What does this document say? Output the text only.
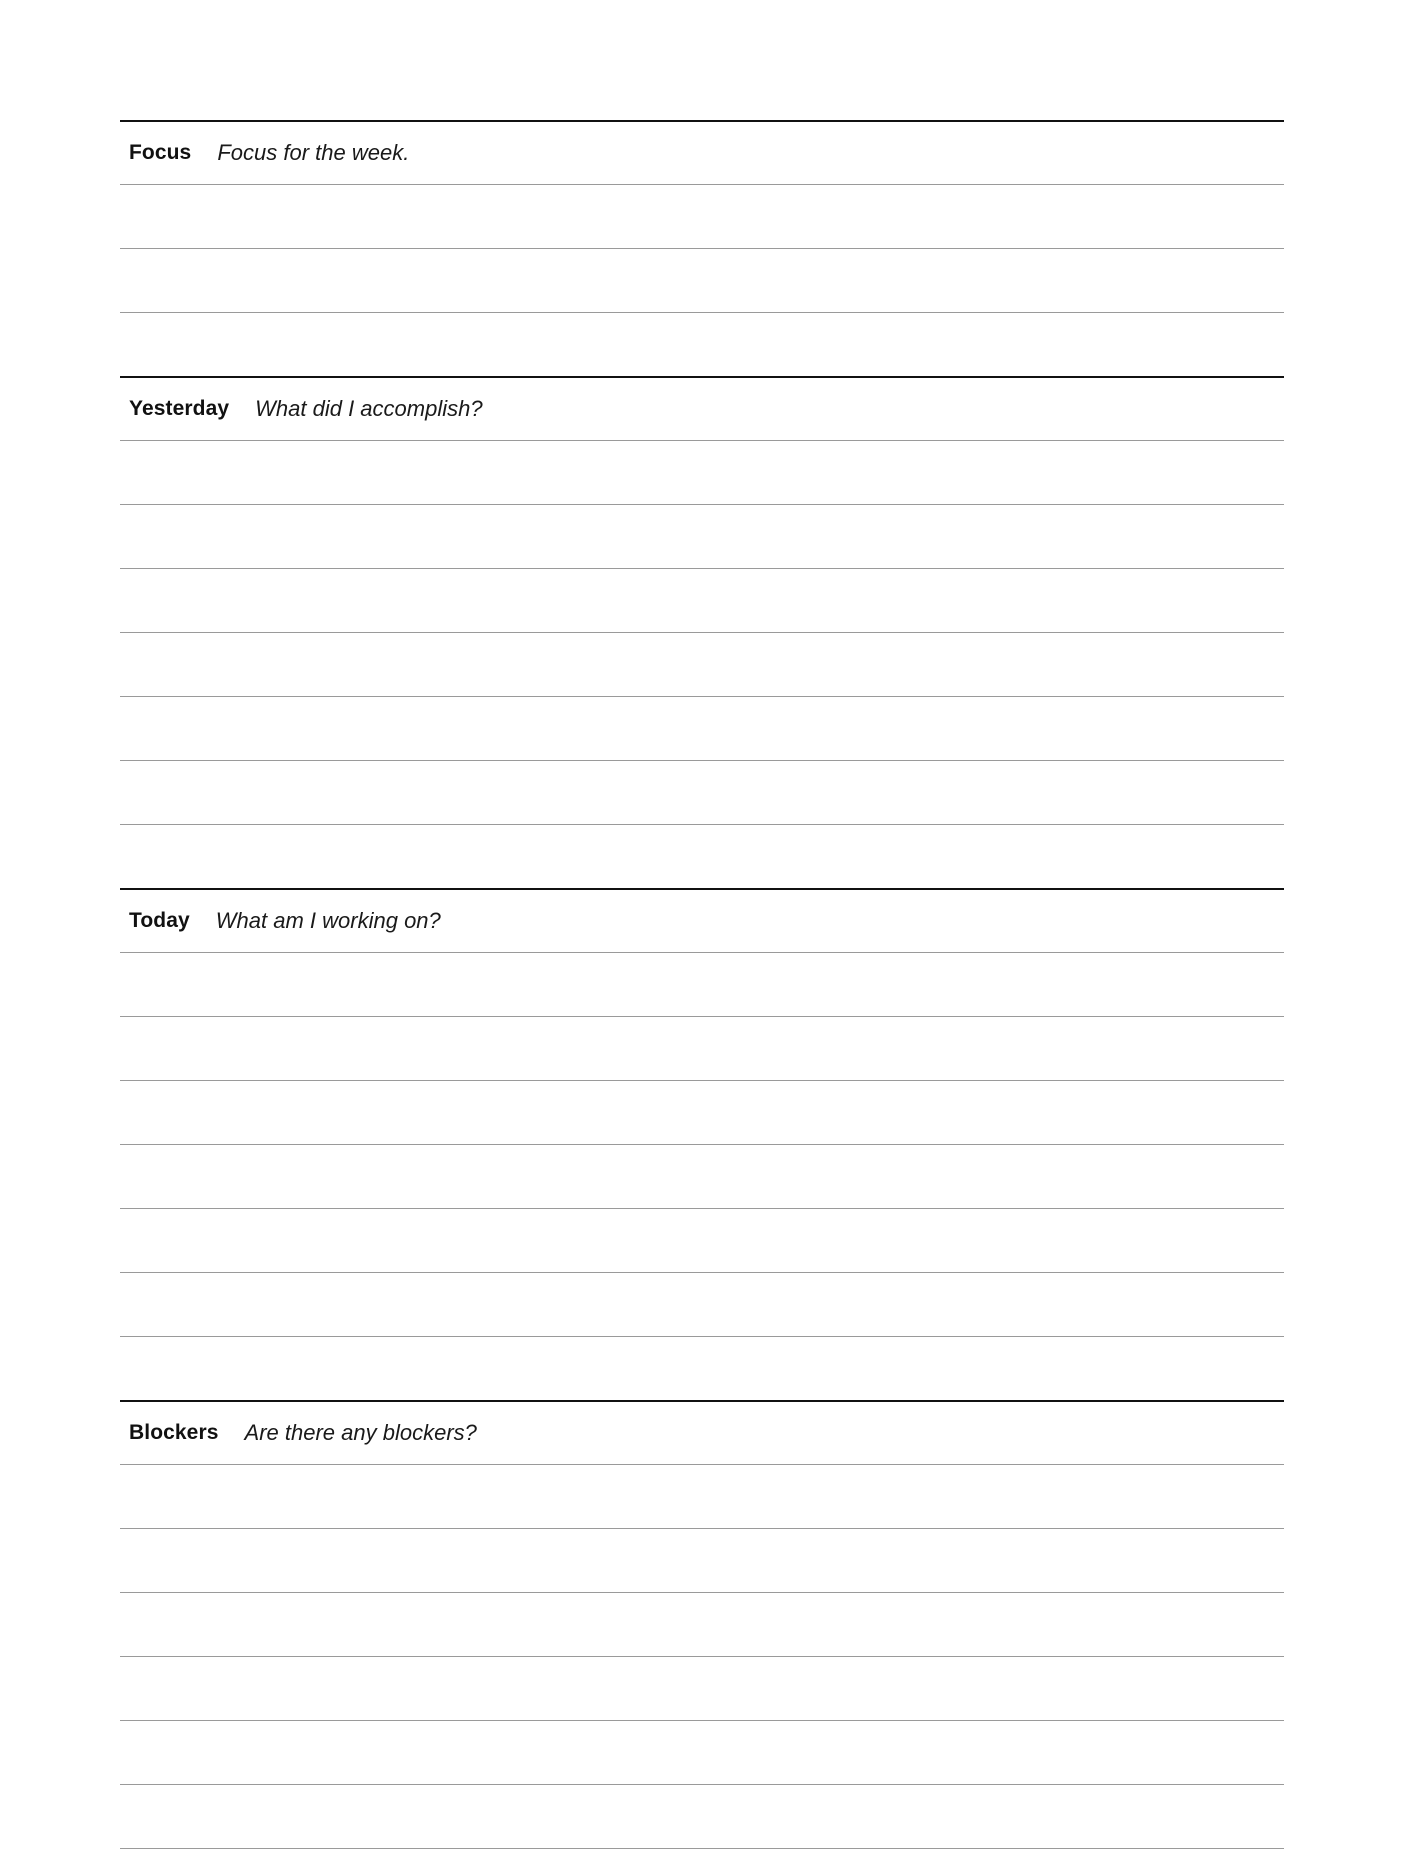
Focus Focus for the week.
Yesterday What did I accomplish?
Today What am I working on?
Blockers Are there any blockers?
